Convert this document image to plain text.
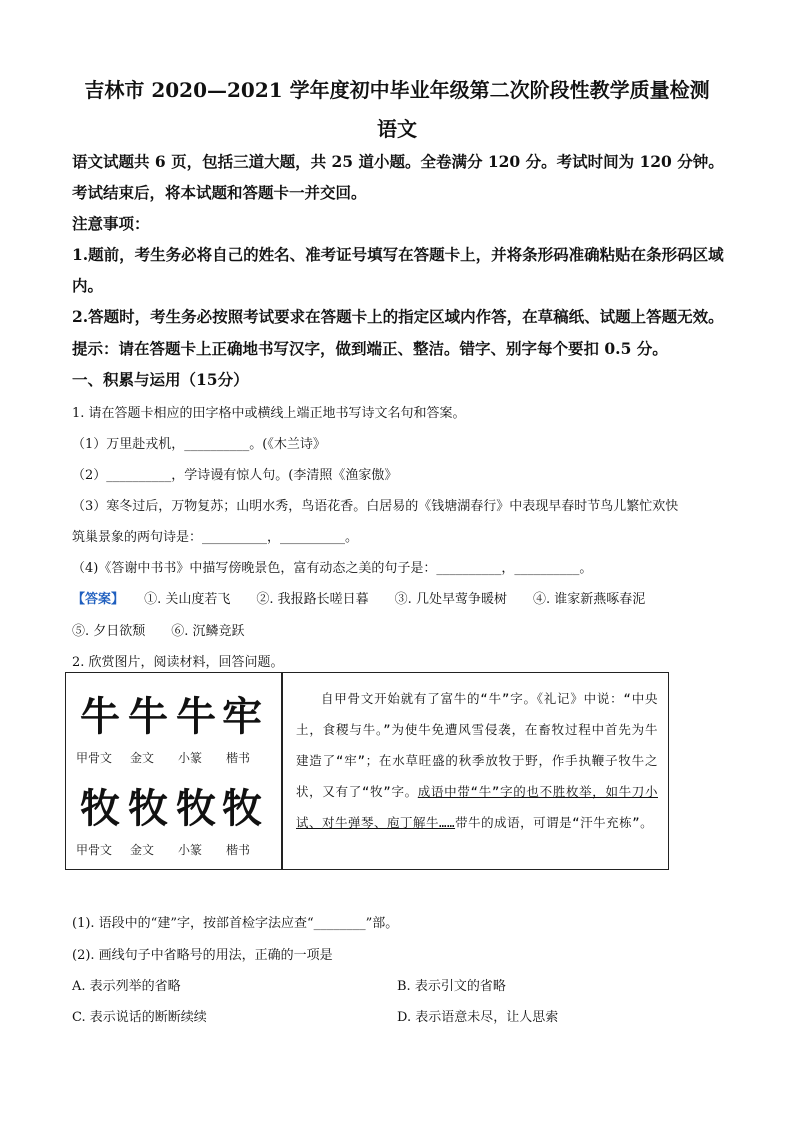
吉林市 2020—2021 学年度初中毕业年级第二次阶段性教学质量检测
语文
语文试题共 6 页，包括三道大题，共 25 道小题。全卷满分 120 分。考试时间为 120 分钟。考试结束后，将本试题和答题卡一并交回。
注意事项：
1.题前，考生务必将自己的姓名、准考证号填写在答题卡上，并将条形码准确粘贴在条形码区域内。
2.答题时，考生务必按照考试要求在答题卡上的指定区域内作答，在草稿纸、试题上答题无效。
提示：请在答题卡上正确地书写汉字，做到端正、整洁。错字、别字每个要扣 0.5 分。
一、积累与运用（15分）
1. 请在答题卡相应的田字格中或横线上端正地书写诗文名句和答案。
（1）万里赴戎机，__________。(《木兰诗》
（2）__________，学诗谩有惊人句。(李清照《渔家傲》
（3）寒冬过后，万物复苏；山明水秀，鸟语花香。白居易的《钱塘湖春行》中表现早春时节鸟儿繁忙欢快
筑巢景象的两句诗是：__________，__________。
（4)《答谢中书书》中描写傍晚景色，富有动态之美的句子是：__________，__________。
【答案】 ①. 关山度若飞　　②. 我报路长嗟日暮　　③. 几处早莺争暖树　　④. 谁家新燕啄春泥
⑤. 夕日欲颓　　⑥. 沉鳞竞跃
2. 欣赏图片，阅读材料，回答问题。
牛 牛 牛 牢
甲骨文 金文 小篆 楷书
牧 牧 牧 牧
甲骨文 金文 小篆 楷书
自甲骨文开始就有了富牛的“牛”字。《礼记》中说：“中央土，食稷与牛。”为使牛免遭风雪侵袭，在畜牧过程中首先为牛建造了“牢”；在水草旺盛的秋季放牧于野，作手执鞭子牧牛之状，又有了“牧”字。成语中带“牛”字的也不胜枚举，如牛刀小试、对牛弹琴、庖丁解牛……带牛的成语，可谓是“汗牛充栋”。
(1). 语段中的“建”字，按部首检字法应查“________”部。
(2). 画线句子中省略号的用法，正确的一项是
A. 表示列举的省略	B. 表示引文的省略
C. 表示说话的断断续续	D. 表示语意未尽，让人思索
